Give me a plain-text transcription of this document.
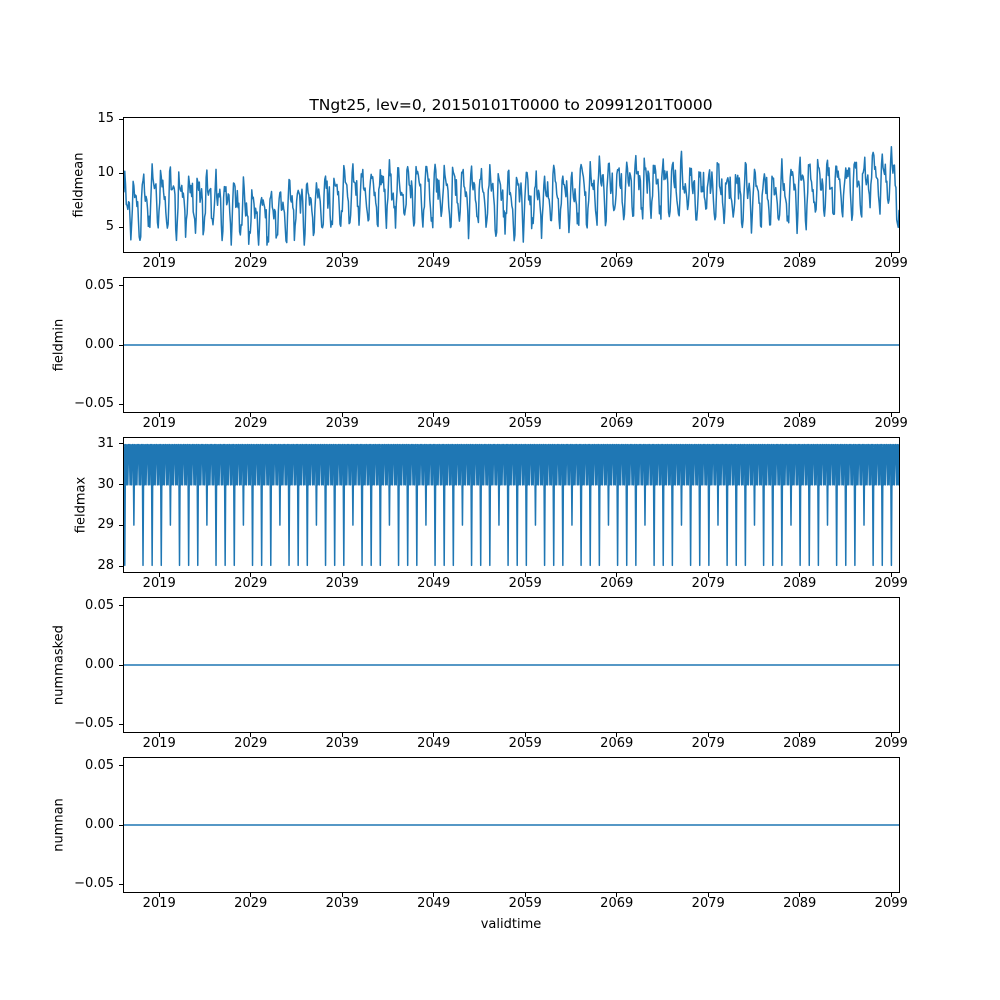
TNgt25, lev=0, 20150101T0000 to 20991201T0000
fieldmean
fieldmin
fieldmax
nummasked
numnan
validtime
2019	2029	2039	2049	2059	2069	2079	2089	2099
5
10
15
2019	2029	2039	2049	2059	2069	2079	2089	2099
0.05
0.00
−0.05
2019	2029	2039	2049	2059	2069	2079	2089	2099
28
29
30
31
2019	2029	2039	2049	2059	2069	2079	2089	2099
0.05
0.00
−0.05
2019	2029	2039	2049	2059	2069	2079	2089	2099
0.05
0.00
−0.05
